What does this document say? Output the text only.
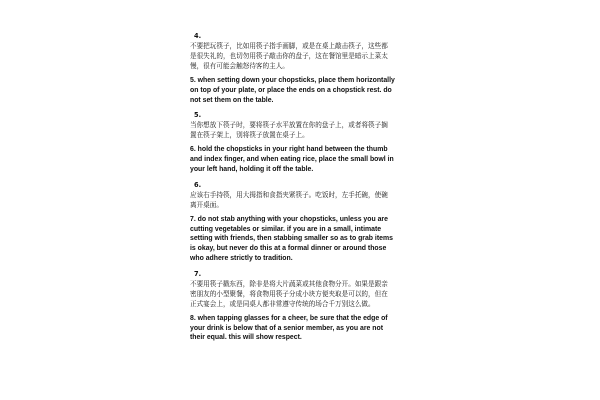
4.

不要把玩筷子，比如用筷子指手画脚，或是在桌上敲击筷子，这些都
是很失礼的，也切勿用筷子敲击你的盘子，这在餐馆里是暗示上菜太
慢，很有可能会触怒待客的主人。

5. when setting down your chopsticks, place them horizontally
on top of your plate, or place the ends on a chopstick rest. do
not set them on the table.

5.

当你想放下筷子时，要将筷子水平放置在你的盘子上，或者将筷子搁
置在筷子架上，别将筷子放置在桌子上。

6. hold the chopsticks in your right hand between the thumb
and index finger, and when eating rice, place the small bowl in
your left hand, holding it off the table.

6.

应该右手持筷，用大拇指和食指夹紧筷子。吃饭时，左手托碗，使碗
离开桌面。

7. do not stab anything with your chopsticks, unless you are
cutting vegetables or similar. if you are in a small, intimate
setting with friends, then stabbing smaller so as to grab items
is okay, but never do this at a formal dinner or around those
who adhere strictly to tradition.

7.

不要用筷子戳东西，除非是将大片蔬菜或其他食物分开。如果是跟亲
密朋友的小型聚餐，将食物用筷子分成小块方便夹取是可以的，但在
正式宴会上，或是同桌人都非常遵守传统的场合千万别这么做。

8. when tapping glasses for a cheer, be sure that the edge of
your drink is below that of a senior member, as you are not
their equal. this will show respect.
